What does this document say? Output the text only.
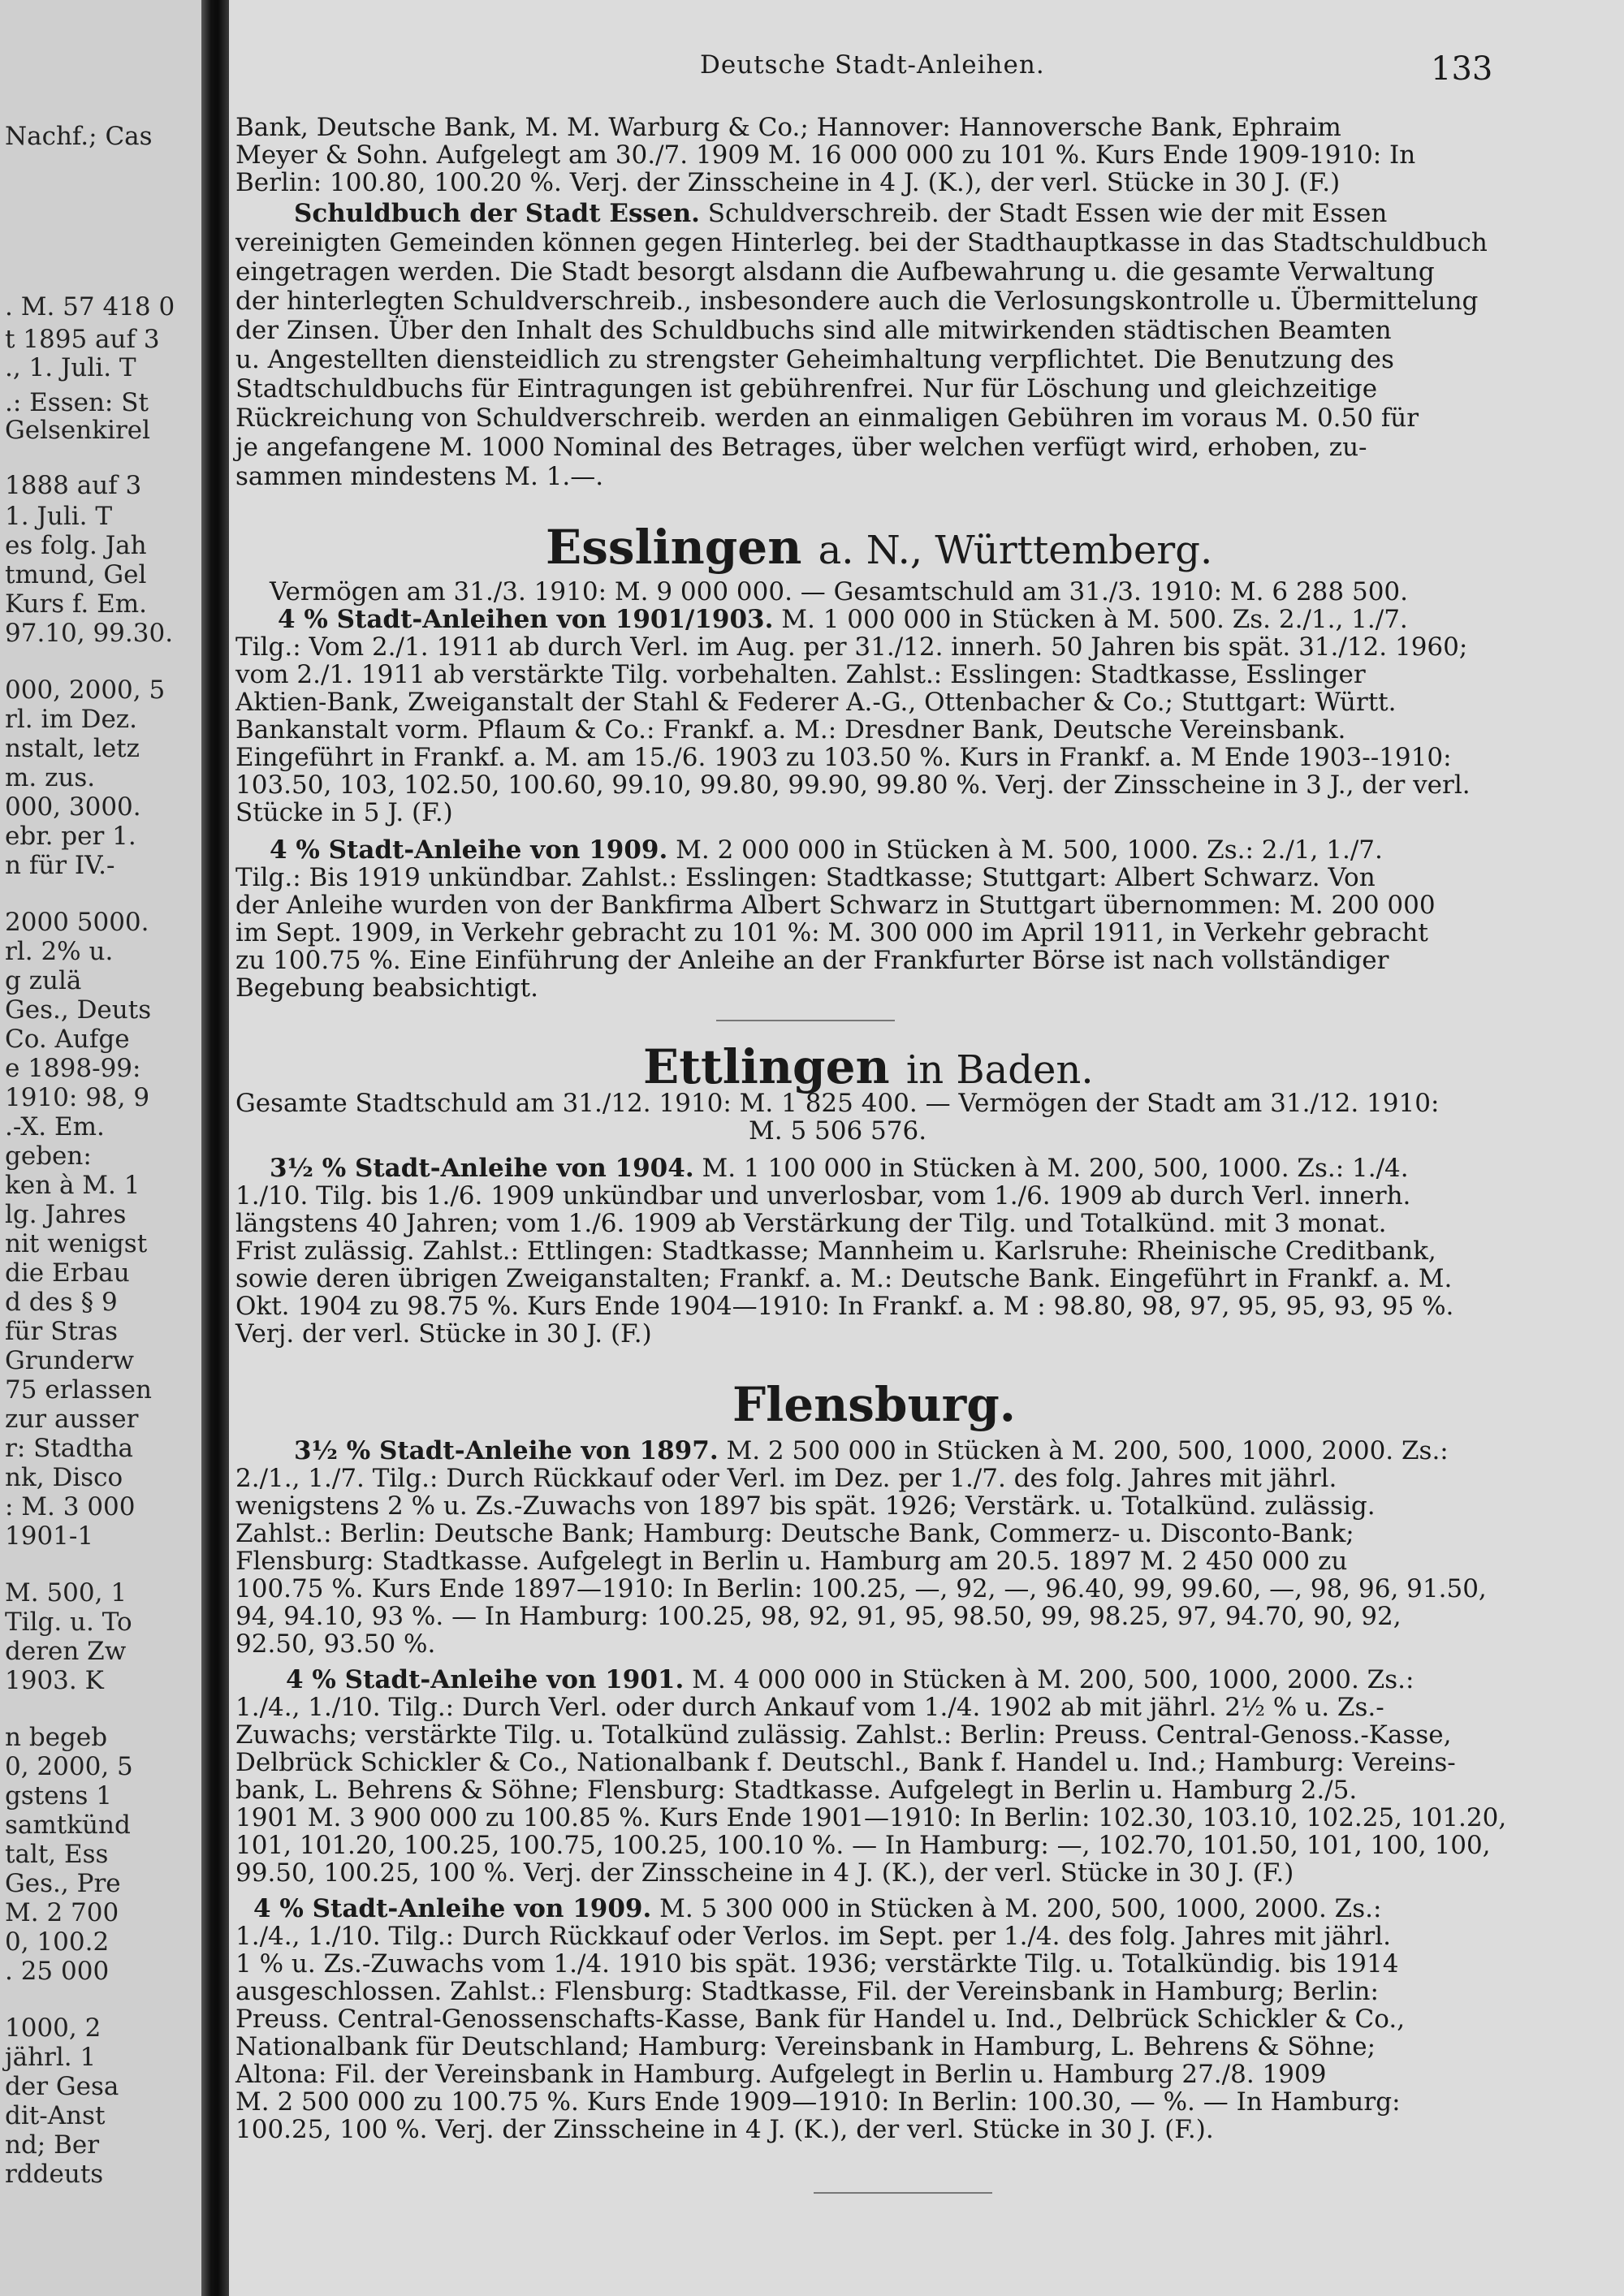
Nachf.; Cas
. M. 57 418 0
t 1895 auf 3
., 1. Juli. T
.: Essen: St
Gelsenkirel
1888 auf 3
1. Juli. T
es folg. Jah
tmund, Gel
Kurs f. Em.
97.10, 99.30.
000, 2000, 5
rl. im Dez.
nstalt, letz
m. zus.
000, 3000.
ebr. per 1.
n für IV.-
2000 5000.
rl. 2% u.
g zulä
Ges., Deuts
Co. Aufge
e 1898-99:
1910: 98, 9
.-X. Em.
geben:
ken à M. 1
lg. Jahres
nit wenigst
die Erbau
d des § 9
für Stras
Grunderw
75 erlassen
zur ausser
r: Stadtha
nk, Disco
: M. 3 000
1901-1
M. 500, 1
Tilg. u. To
deren Zw
1903. K
n begeb
0, 2000, 5
gstens 1
samtkünd
talt, Ess
Ges., Pre
M. 2 700
0, 100.2
. 25 000
1000, 2
jährl. 1
der Gesa
dit-Anst
nd; Ber
rddeuts
Deutsche Stadt-Anleihen.	133
Bank, Deutsche Bank, M. M. Warburg & Co.; Hannover: Hannoversche Bank, Ephraim
Meyer & Sohn. Aufgelegt am 30./7. 1909 M. 16 000 000 zu 101 %. Kurs Ende 1909-1910: In
Berlin: 100.80, 100.20 %. Verj. der Zinsscheine in 4 J. (K.), der verl. Stücke in 30 J. (F.)
Schuldbuch der Stadt Essen. Schuldverschreib. der Stadt Essen wie der mit Essen
vereinigten Gemeinden können gegen Hinterleg. bei der Stadthauptkasse in das Stadtschuldbuch
eingetragen werden. Die Stadt besorgt alsdann die Aufbewahrung u. die gesamte Verwaltung
der hinterlegten Schuldverschreib., insbesondere auch die Verlosungskontrolle u. Übermittelung
der Zinsen. Über den Inhalt des Schuldbuchs sind alle mitwirkenden städtischen Beamten
u. Angestellten dienstеidlich zu strengster Geheimhaltung verpflichtet. Die Benutzung des
Stadtschuldbuchs für Eintragungen ist gebührenfrei. Nur für Löschung und gleichzeitige
Rückreichung von Schuldverschreib. werden an einmaligen Gebühren im voraus M. 0.50 für
je angefangene M. 1000 Nominal des Betrages, über welchen verfügt wird, erhoben, zu-
sammen mindestens M. 1.—.
Esslingen a. N., Württemberg.
Vermögen am 31./3. 1910: M. 9 000 000. — Gesamtschuld am 31./3. 1910: M. 6 288 500.
4 % Stadt-Anleihen von 1901/1903. M. 1 000 000 in Stücken à M. 500. Zs. 2./1., 1./7.
Tilg.: Vom 2./1. 1911 ab durch Verl. im Aug. per 31./12. innerh. 50 Jahren bis spät. 31./12. 1960;
vom 2./1. 1911 ab verstärkte Tilg. vorbehalten. Zahlst.: Esslingen: Stadtkasse, Esslinger
Aktien-Bank, Zweiganstalt der Stahl & Federer A.-G., Ottenbacher & Co.; Stuttgart: Württ.
Bankanstalt vorm. Pflaum & Co.: Frankf. a. M.: Dresdner Bank, Deutsche Vereinsbank.
Eingeführt in Frankf. a. M. am 15./6. 1903 zu 103.50 %. Kurs in Frankf. a. M Ende 1903--1910:
103.50, 103, 102.50, 100.60, 99.10, 99.80, 99.90, 99.80 %. Verj. der Zinsscheine in 3 J., der verl.
Stücke in 5 J. (F.)
4 % Stadt-Anleihe von 1909. M. 2 000 000 in Stücken à M. 500, 1000. Zs.: 2./1, 1./7.
Tilg.: Bis 1919 unkündbar. Zahlst.: Esslingen: Stadtkasse; Stuttgart: Albert Schwarz. Von
der Anleihe wurden von der Bankfirma Albert Schwarz in Stuttgart übernommen: M. 200 000
im Sept. 1909, in Verkehr gebracht zu 101 %: M. 300 000 im April 1911, in Verkehr gebracht
zu 100.75 %. Eine Einführung der Anleihe an der Frankfurter Börse ist nach vollständiger
Begebung beabsichtigt.
Ettlingen in Baden.
Gesamte Stadtschuld am 31./12. 1910: M. 1 825 400. — Vermögen der Stadt am 31./12. 1910:
M. 5 506 576.
3½ % Stadt-Anleihe von 1904. M. 1 100 000 in Stücken à M. 200, 500, 1000. Zs.: 1./4.
1./10. Tilg. bis 1./6. 1909 unkündbar und unverlosbar, vom 1./6. 1909 ab durch Verl. innerh.
längstens 40 Jahren; vom 1./6. 1909 ab Verstärkung der Tilg. und Totalkünd. mit 3 monat.
Frist zulässig. Zahlst.: Ettlingen: Stadtkasse; Mannheim u. Karlsruhe: Rheinische Creditbank,
sowie deren übrigen Zweiganstalten; Frankf. a. M.: Deutsche Bank. Eingeführt in Frankf. a. M.
Okt. 1904 zu 98.75 %. Kurs Ende 1904—1910: In Frankf. a. M : 98.80, 98, 97, 95, 95, 93, 95 %.
Verj. der verl. Stücke in 30 J. (F.)
Flensburg.
3½ % Stadt-Anleihe von 1897. M. 2 500 000 in Stücken à M. 200, 500, 1000, 2000. Zs.:
2./1., 1./7. Tilg.: Durch Rückkauf oder Verl. im Dez. per 1./7. des folg. Jahres mit jährl.
wenigstens 2 % u. Zs.-Zuwachs von 1897 bis spät. 1926; Verstärk. u. Totalkünd. zulässig.
Zahlst.: Berlin: Deutsche Bank; Hamburg: Deutsche Bank, Commerz- u. Disconto-Bank;
Flensburg: Stadtkasse. Aufgelegt in Berlin u. Hamburg am 20.5. 1897 M. 2 450 000 zu
100.75 %. Kurs Ende 1897—1910: In Berlin: 100.25, —, 92, —, 96.40, 99, 99.60, —, 98, 96, 91.50,
94, 94.10, 93 %. — In Hamburg: 100.25, 98, 92, 91, 95, 98.50, 99, 98.25, 97, 94.70, 90, 92,
92.50, 93.50 %.
4 % Stadt-Anleihe von 1901. M. 4 000 000 in Stücken à M. 200, 500, 1000, 2000. Zs.:
1./4., 1./10. Tilg.: Durch Verl. oder durch Ankauf vom 1./4. 1902 ab mit jährl. 2½ % u. Zs.-
Zuwachs; verstärkte Tilg. u. Totalkünd zulässig. Zahlst.: Berlin: Preuss. Central-Genoss.-Kasse,
Delbrück Schickler & Co., Nationalbank f. Deutschl., Bank f. Handel u. Ind.; Hamburg: Vereins-
bank, L. Behrens & Söhne; Flensburg: Stadtkasse. Aufgelegt in Berlin u. Hamburg 2./5.
1901 M. 3 900 000 zu 100.85 %. Kurs Ende 1901—1910: In Berlin: 102.30, 103.10, 102.25, 101.20,
101, 101.20, 100.25, 100.75, 100.25, 100.10 %. — In Hamburg: —, 102.70, 101.50, 101, 100, 100,
99.50, 100.25, 100 %. Verj. der Zinsscheine in 4 J. (K.), der verl. Stücke in 30 J. (F.)
4 % Stadt-Anleihe von 1909. M. 5 300 000 in Stücken à M. 200, 500, 1000, 2000. Zs.:
1./4., 1./10. Tilg.: Durch Rückkauf oder Verlos. im Sept. per 1./4. des folg. Jahres mit jährl.
1 % u. Zs.-Zuwachs vom 1./4. 1910 bis spät. 1936; verstärkte Tilg. u. Totalkündig. bis 1914
ausgeschlossen. Zahlst.: Flensburg: Stadtkasse, Fil. der Vereinsbank in Hamburg; Berlin:
Preuss. Central-Genossenschafts-Kasse, Bank für Handel u. Ind., Delbrück Schickler & Co.,
Nationalbank für Deutschland; Hamburg: Vereinsbank in Hamburg, L. Behrens & Söhne;
Altona: Fil. der Vereinsbank in Hamburg. Aufgelegt in Berlin u. Hamburg 27./8. 1909
M. 2 500 000 zu 100.75 %. Kurs Ende 1909—1910: In Berlin: 100.30, — %. — In Hamburg:
100.25, 100 %. Verj. der Zinsscheine in 4 J. (K.), der verl. Stücke in 30 J. (F.).
